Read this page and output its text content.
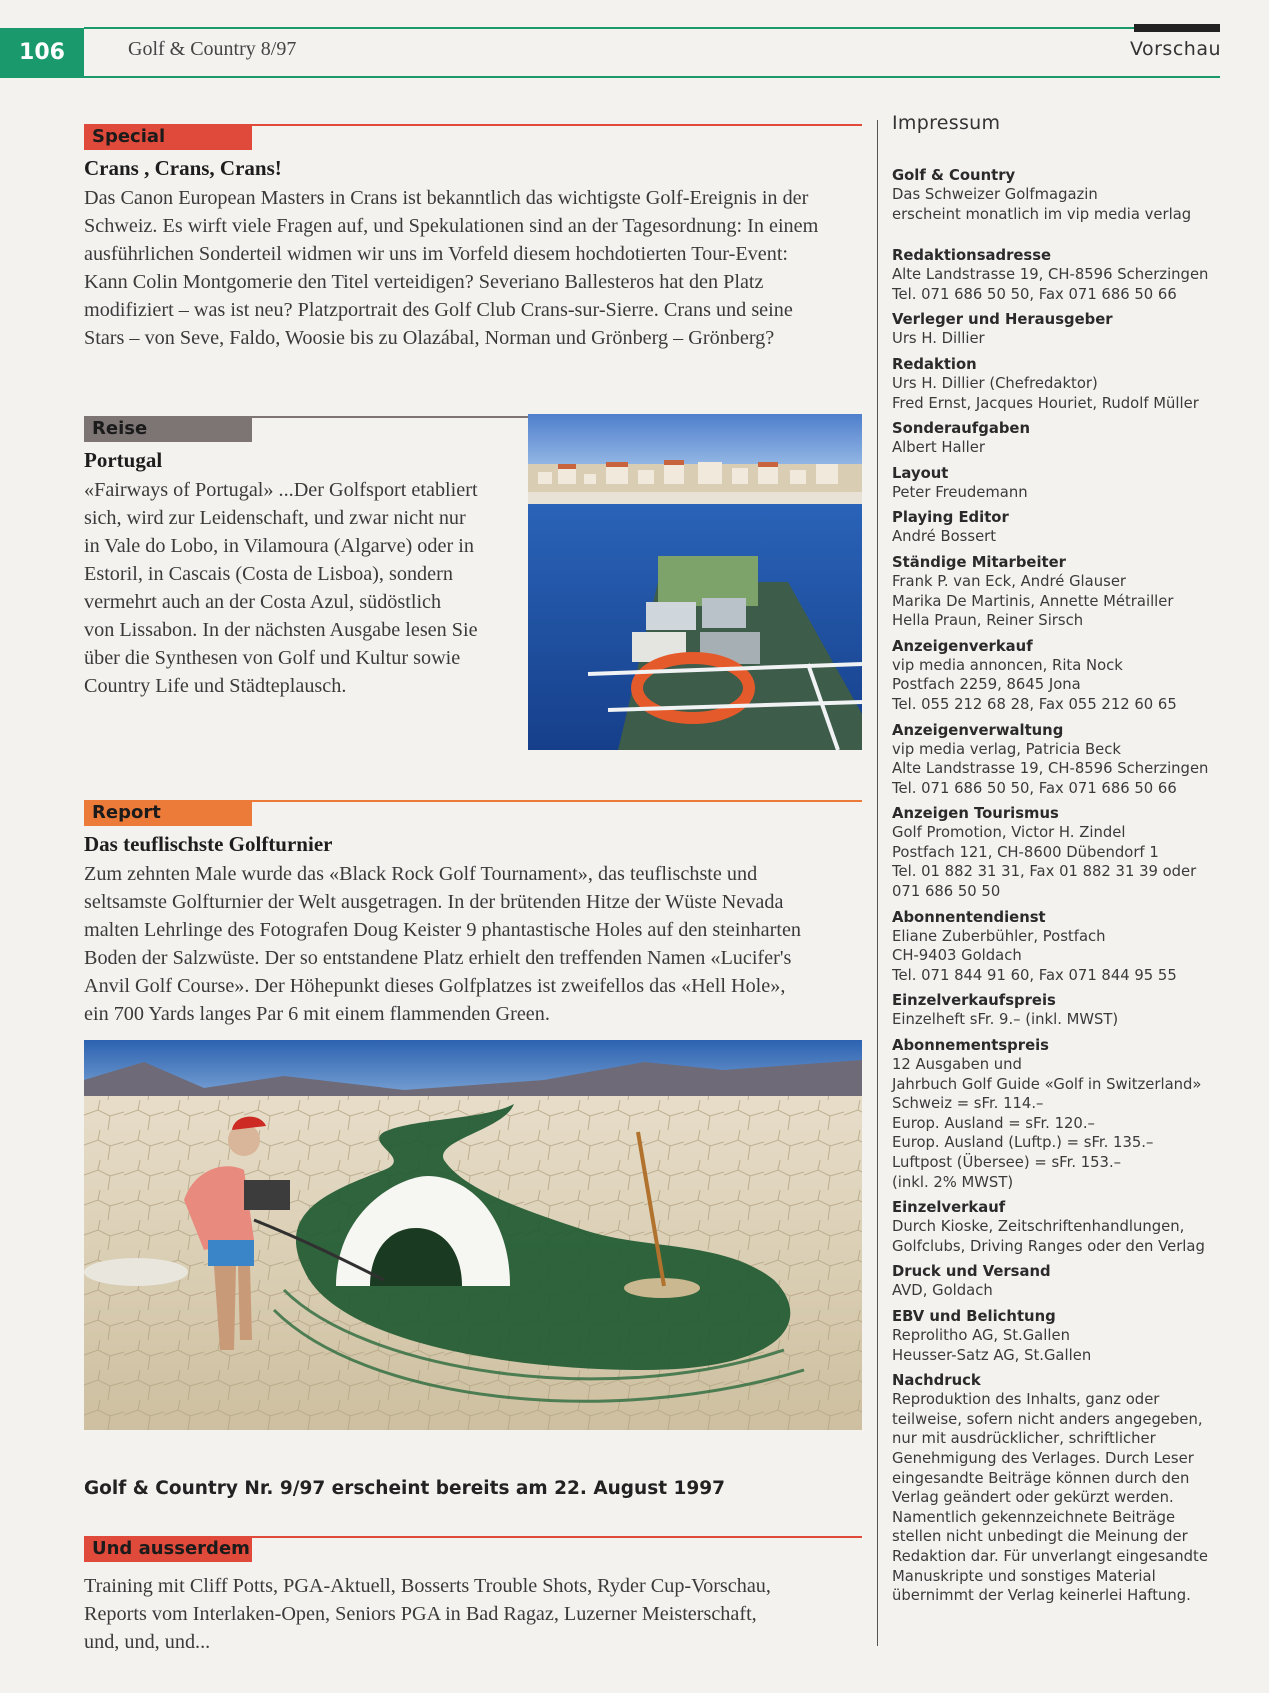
106	Golf & Country 8/97	Vorschau
Special
Crans , Crans, Crans!
Das Canon European Masters in Crans ist bekanntlich das wichtigste Golf-Ereignis in der
Schweiz. Es wirft viele Fragen auf, und Spekulationen sind an der Tagesordnung: In einem
ausführlichen Sonderteil widmen wir uns im Vorfeld diesem hochdotierten Tour-Event:
Kann Colin Montgomerie den Titel verteidigen? Severiano Ballesteros hat den Platz
modifiziert – was ist neu? Platzportrait des Golf Club Crans-sur-Sierre. Crans und seine
Stars – von Seve, Faldo, Woosie bis zu Olazábal, Norman und Grönberg – Grönberg?
Reise
Portugal
«Fairways of Portugal» ...Der Golfsport etabliert
sich, wird zur Leidenschaft, und zwar nicht nur
in Vale do Lobo, in Vilamoura (Algarve) oder in
Estoril, in Cascais (Costa de Lisboa), sondern
vermehrt auch an der Costa Azul, südöstlich
von Lissabon. In der nächsten Ausgabe lesen Sie
über die Synthesen von Golf und Kultur sowie
Country Life und Städteplausch.
Report
Das teuflischste Golfturnier
Zum zehnten Male wurde das «Black Rock Golf Tournament», das teuflischste und
seltsamste Golfturnier der Welt ausgetragen. In der brütenden Hitze der Wüste Nevada
malten Lehrlinge des Fotografen Doug Keister 9 phantastische Holes auf den steinharten
Boden der Salzwüste. Der so entstandene Platz erhielt den treffenden Namen «Lucifer's
Anvil Golf Course». Der Höhepunkt dieses Golfplatzes ist zweifellos das «Hell Hole»,
ein 700 Yards langes Par 6 mit einem flammenden Green.
Golf & Country Nr. 9/97 erscheint bereits am 22. August 1997
Und ausserdem
Training mit Cliff Potts, PGA-Aktuell, Bosserts Trouble Shots, Ryder Cup-Vorschau,
Reports vom Interlaken-Open, Seniors PGA in Bad Ragaz, Luzerner Meisterschaft,
und, und, und...
Impressum
Golf & Country
Das Schweizer Golfmagazin
erscheint monatlich im vip media verlag
Redaktionsadresse
Alte Landstrasse 19, CH-8596 Scherzingen
Tel. 071 686 50 50, Fax 071 686 50 66
Verleger und Herausgeber
Urs H. Dillier
Redaktion
Urs H. Dillier (Chefredaktor)
Fred Ernst, Jacques Houriet, Rudolf Müller
Sonderaufgaben
Albert Haller
Layout
Peter Freudemann
Playing Editor
André Bossert
Ständige Mitarbeiter
Frank P. van Eck, André Glauser
Marika De Martinis, Annette Métrailler
Hella Praun, Reiner Sirsch
Anzeigenverkauf
vip media annoncen, Rita Nock
Postfach 2259, 8645 Jona
Tel. 055 212 68 28, Fax 055 212 60 65
Anzeigenverwaltung
vip media verlag, Patricia Beck
Alte Landstrasse 19, CH-8596 Scherzingen
Tel. 071 686 50 50, Fax 071 686 50 66
Anzeigen Tourismus
Golf Promotion, Victor H. Zindel
Postfach 121, CH-8600 Dübendorf 1
Tel. 01 882 31 31, Fax 01 882 31 39 oder
071 686 50 50
Abonnentendienst
Eliane Zuberbühler, Postfach
CH-9403 Goldach
Tel. 071 844 91 60, Fax 071 844 95 55
Einzelverkaufspreis
Einzelheft sFr. 9.– (inkl. MWST)
Abonnementspreis
12 Ausgaben und
Jahrbuch Golf Guide «Golf in Switzerland»
Schweiz = sFr. 114.–
Europ. Ausland = sFr. 120.–
Europ. Ausland (Luftp.) = sFr. 135.–
Luftpost (Übersee) = sFr. 153.–
(inkl. 2% MWST)
Einzelverkauf
Durch Kioske, Zeitschriftenhandlungen,
Golfclubs, Driving Ranges oder den Verlag
Druck und Versand
AVD, Goldach
EBV und Belichtung
Reprolitho AG, St.Gallen
Heusser-Satz AG, St.Gallen
Nachdruck
Reproduktion des Inhalts, ganz oder
teilweise, sofern nicht anders angegeben,
nur mit ausdrücklicher, schriftlicher
Genehmigung des Verlages. Durch Leser
eingesandte Beiträge können durch den
Verlag geändert oder gekürzt werden.
Namentlich gekennzeichnete Beiträge
stellen nicht unbedingt die Meinung der
Redaktion dar. Für unverlangt eingesandte
Manuskripte und sonstiges Material
übernimmt der Verlag keinerlei Haftung.
